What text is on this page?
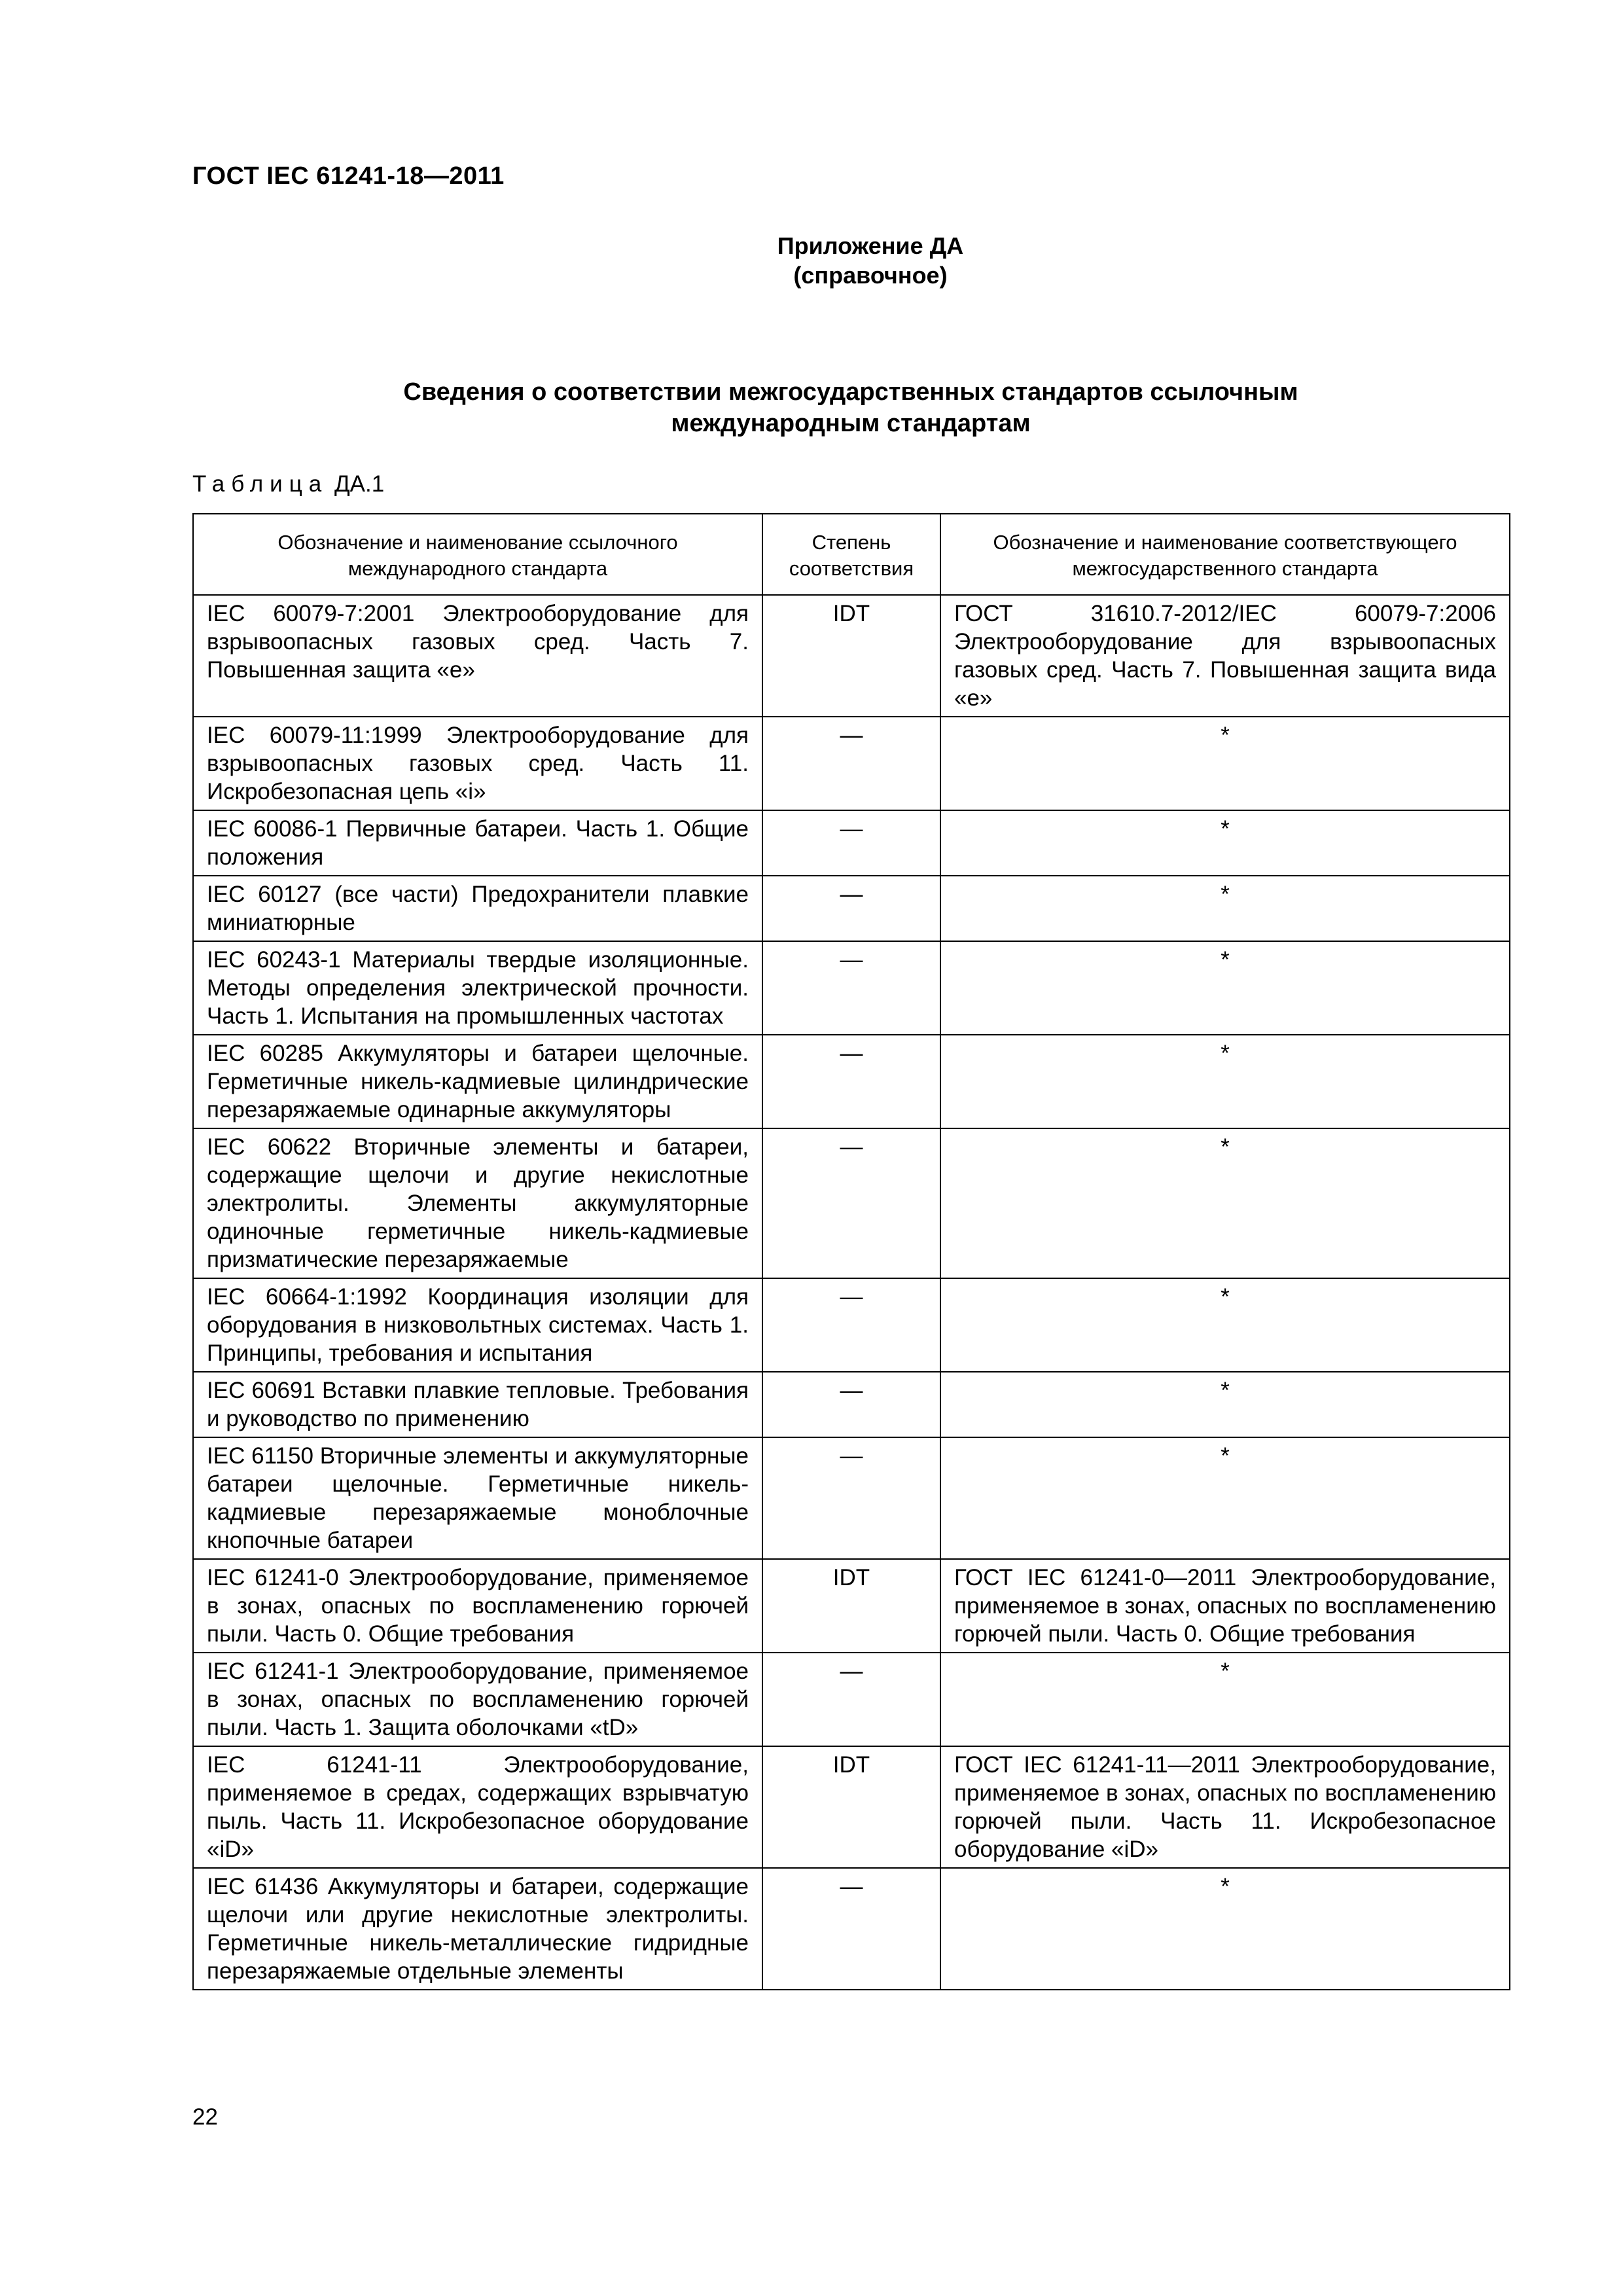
ГОСТ IEC 61241-18—2011
Приложение ДА
(справочное)
Сведения о соответствии межгосударственных стандартов ссылочным международным стандартам
Таблица ДА.1
Обозначение и наименование ссылочного международного стандарта	Степень соответствия	Обозначение и наименование соответствующего межгосударственного стандарта
IEC 60079-7:2001 Электрооборудование для взрывоопасных газовых сред. Часть 7. Повышенная защита «е»	IDT	ГОСТ 31610.7-2012/IEC 60079-7:2006 Электрооборудование для взрывоопасных газовых сред. Часть 7. Повышенная защита вида «е»
IEC 60079-11:1999 Электрооборудование для взрывоопасных газовых сред. Часть 11. Искробезопасная цепь «i»	—	*
IEC 60086-1 Первичные батареи. Часть 1. Общие положения	—	*
IEC 60127 (все части) Предохранители плавкие миниатюрные	—	*
IEC 60243-1 Материалы твердые изоляционные. Методы определения электрической прочности. Часть 1. Испытания на промышленных частотах	—	*
IEC 60285 Аккумуляторы и батареи щелочные. Герметичные никель-кадмиевые цилиндрические перезаряжаемые одинарные аккумуляторы	—	*
IEC 60622 Вторичные элементы и батареи, содержащие щелочи и другие некислотные электролиты. Элементы аккумуляторные одиночные герметичные никель-кадмиевые призматические перезаряжаемые	—	*
IEC 60664-1:1992 Координация изоляции для оборудования в низковольтных системах. Часть 1. Принципы, требования и испытания	—	*
IEC 60691 Вставки плавкие тепловые. Требования и руководство по применению	—	*
IEC 61150 Вторичные элементы и аккумуляторные батареи щелочные. Герметичные никель-кадмиевые перезаряжаемые моноблочные кнопочные батареи	—	*
IEC 61241-0 Электрооборудование, применяемое в зонах, опасных по воспламенению горючей пыли. Часть 0. Общие требования	IDT	ГОСТ IEC 61241-0—2011 Электрооборудование, применяемое в зонах, опасных по воспламенению горючей пыли. Часть 0. Общие требования
IEC 61241-1 Электрооборудование, применяемое в зонах, опасных по воспламенению горючей пыли. Часть 1. Защита оболочками «tD»	—	*
IEC 61241-11 Электрооборудование, применяемое в средах, содержащих взрывчатую пыль. Часть 11. Искробезопасное оборудование «iD»	IDT	ГОСТ IEC 61241-11—2011 Электрооборудование, применяемое в зонах, опасных по воспламенению горючей пыли. Часть 11. Искробезопасное оборудование «iD»
IEC 61436 Аккумуляторы и батареи, содержащие щелочи или другие некислотные электролиты. Герметичные никель-металлические гидридные перезаряжаемые отдельные элементы	—	*
22
